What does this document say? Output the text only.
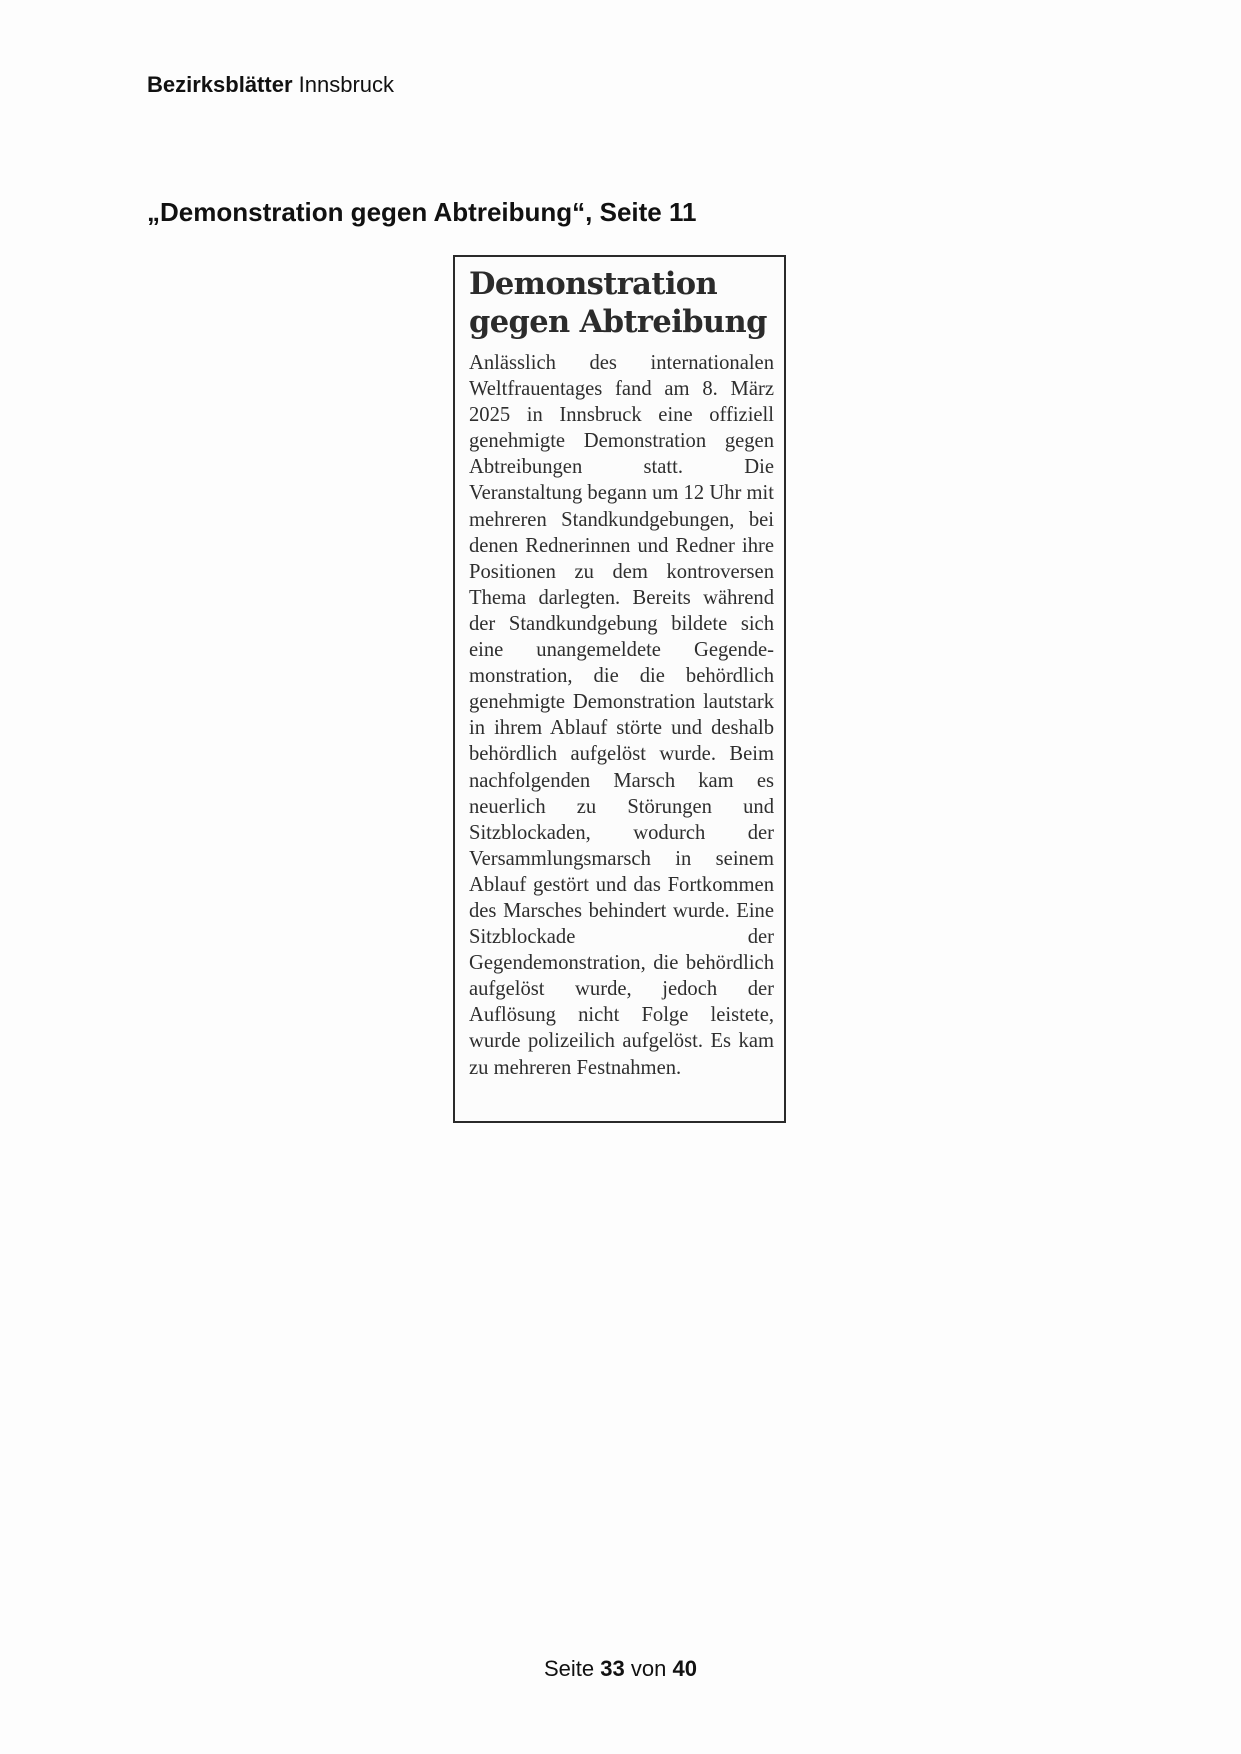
Bezirksblätter Innsbruck
„Demonstration gegen Abtreibung“, Seite 11
Demonstration
gegen Abtreibung

Anlässlich des internationalen Weltfrauentages fand am 8. März 2025 in Innsbruck eine offiziell genehmigte Demonstration gegen Abtreibungen statt. Die Veranstaltung begann um 12 Uhr mit mehreren Standkundgebungen, bei denen Rednerinnen und Redner ihre Positionen zu dem kontroversen Thema darlegten. Bereits während der Standkundgebung bildete sich eine unangemeldete Gegendemonstration, die die behördlich genehmigte Demonstration lautstark in ihrem Ablauf störte und deshalb behördlich aufgelöst wurde. Beim nachfolgenden Marsch kam es neuerlich zu Störungen und Sitzblockaden, wodurch der Versammlungsmarsch in seinem Ablauf gestört und das Fortkommen des Marsches behindert wurde. Eine Sitzblockade der Gegendemonstration, die behördlich aufgelöst wurde, jedoch der Auflösung nicht Folge leistete, wurde polizeilich aufgelöst. Es kam zu mehreren Festnahmen.

Seite 33 von 40
